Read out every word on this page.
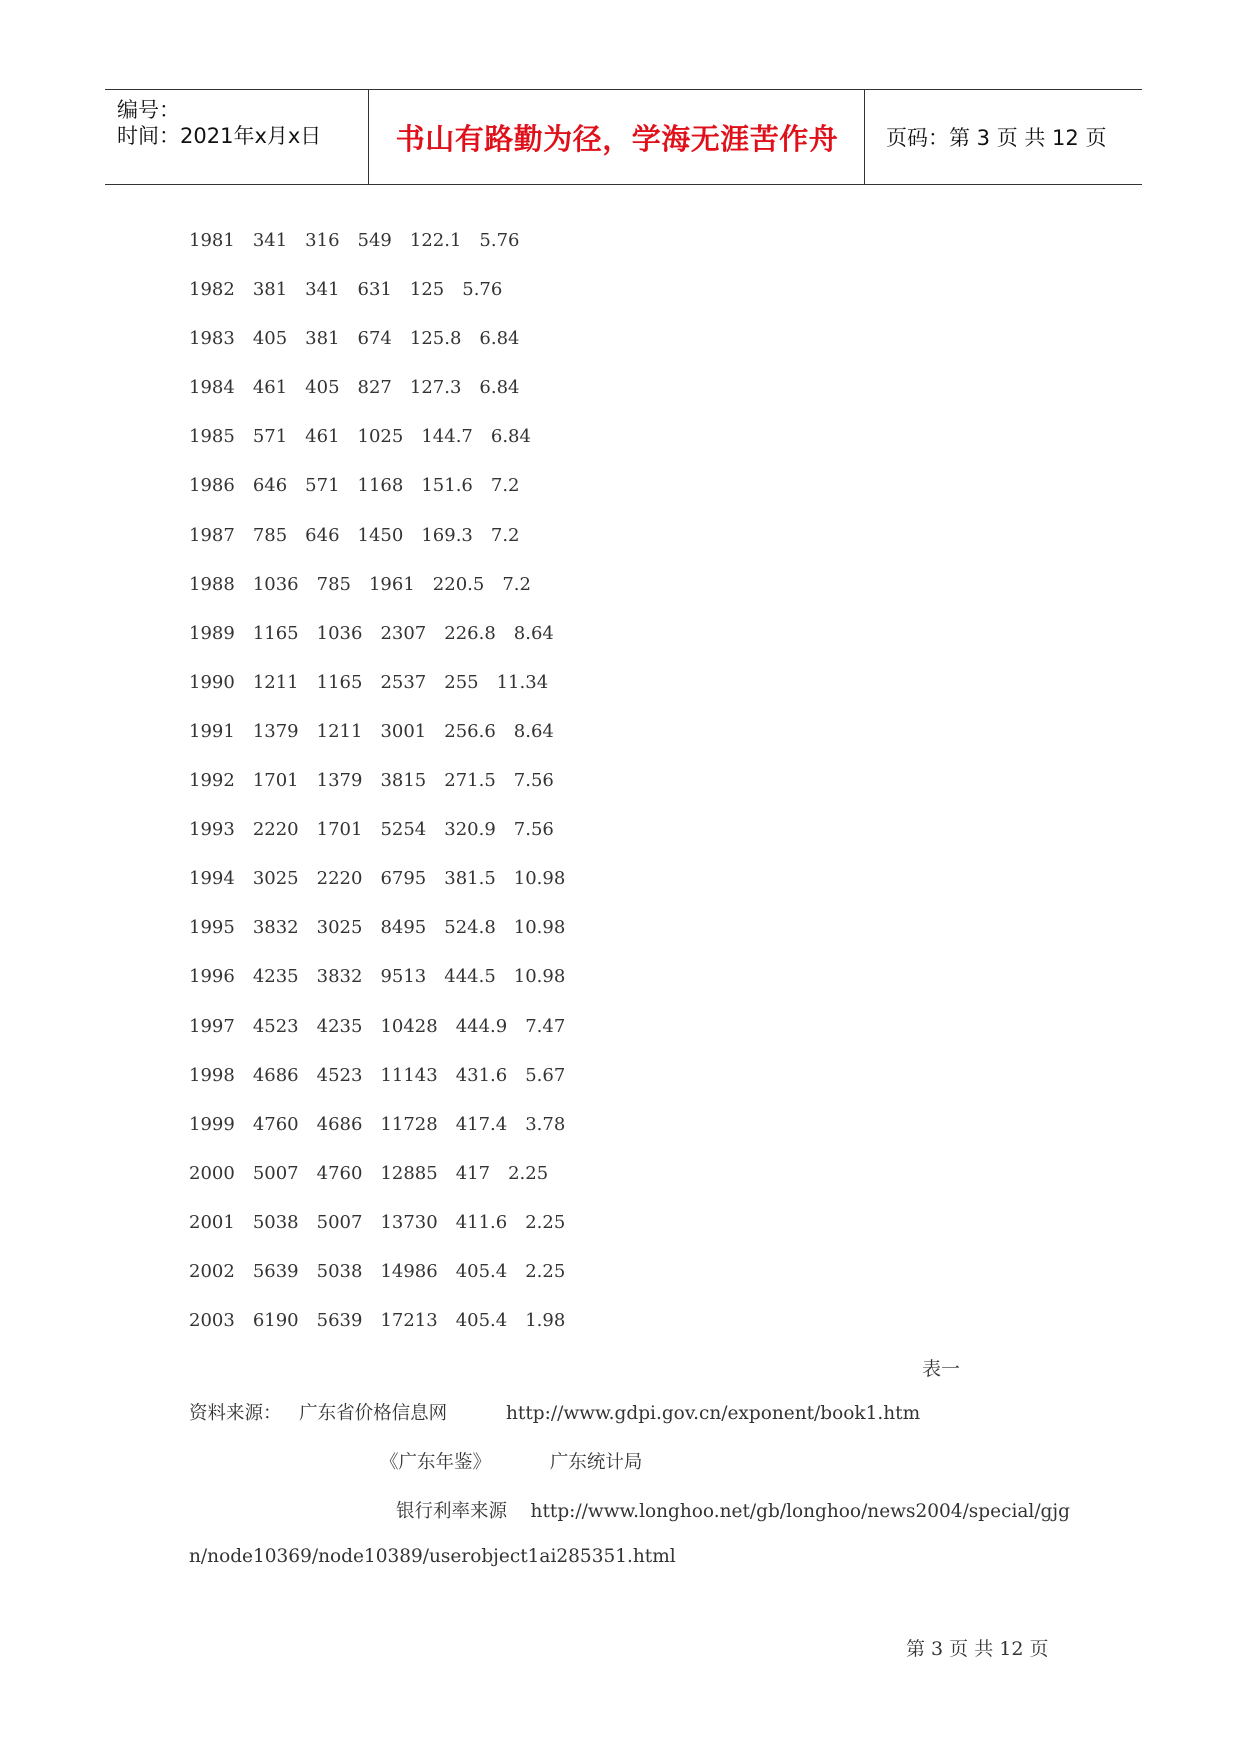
编号：
时间：2021年x月x日	书山有路勤为径，学海无涯苦作舟	页码：第 3 页 共 12 页
1981 341 316 549 122.1 5.76
1982 381 341 631 125 5.76
1983 405 381 674 125.8 6.84
1984 461 405 827 127.3 6.84
1985 571 461 1025 144.7 6.84
1986 646 571 1168 151.6 7.2
1987 785 646 1450 169.3 7.2
1988 1036 785 1961 220.5 7.2
1989 1165 1036 2307 226.8 8.64
1990 1211 1165 2537 255 11.34
1991 1379 1211 3001 256.6 8.64
1992 1701 1379 3815 271.5 7.56
1993 2220 1701 5254 320.9 7.56
1994 3025 2220 6795 381.5 10.98
1995 3832 3025 8495 524.8 10.98
1996 4235 3832 9513 444.5 10.98
1997 4523 4235 10428 444.9 7.47
1998 4686 4523 11143 431.6 5.67
1999 4760 4686 11728 417.4 3.78
2000 5007 4760 12885 417 2.25
2001 5038 5007 13730 411.6 2.25
2002 5639 5038 14986 405.4 2.25
2003 6190 5639 17213 405.4 1.98
表一
资料来源： 广东省价格信息网	http://www.gdpi.gov.cn/exponent/book1.htm
《广东年鉴》	广东统计局
银行利率来源 http://www.longhoo.net/gb/longhoo/news2004/special/gjg
n/node10369/node10389/userobject1ai285351.html
第 3 页 共 12 页
